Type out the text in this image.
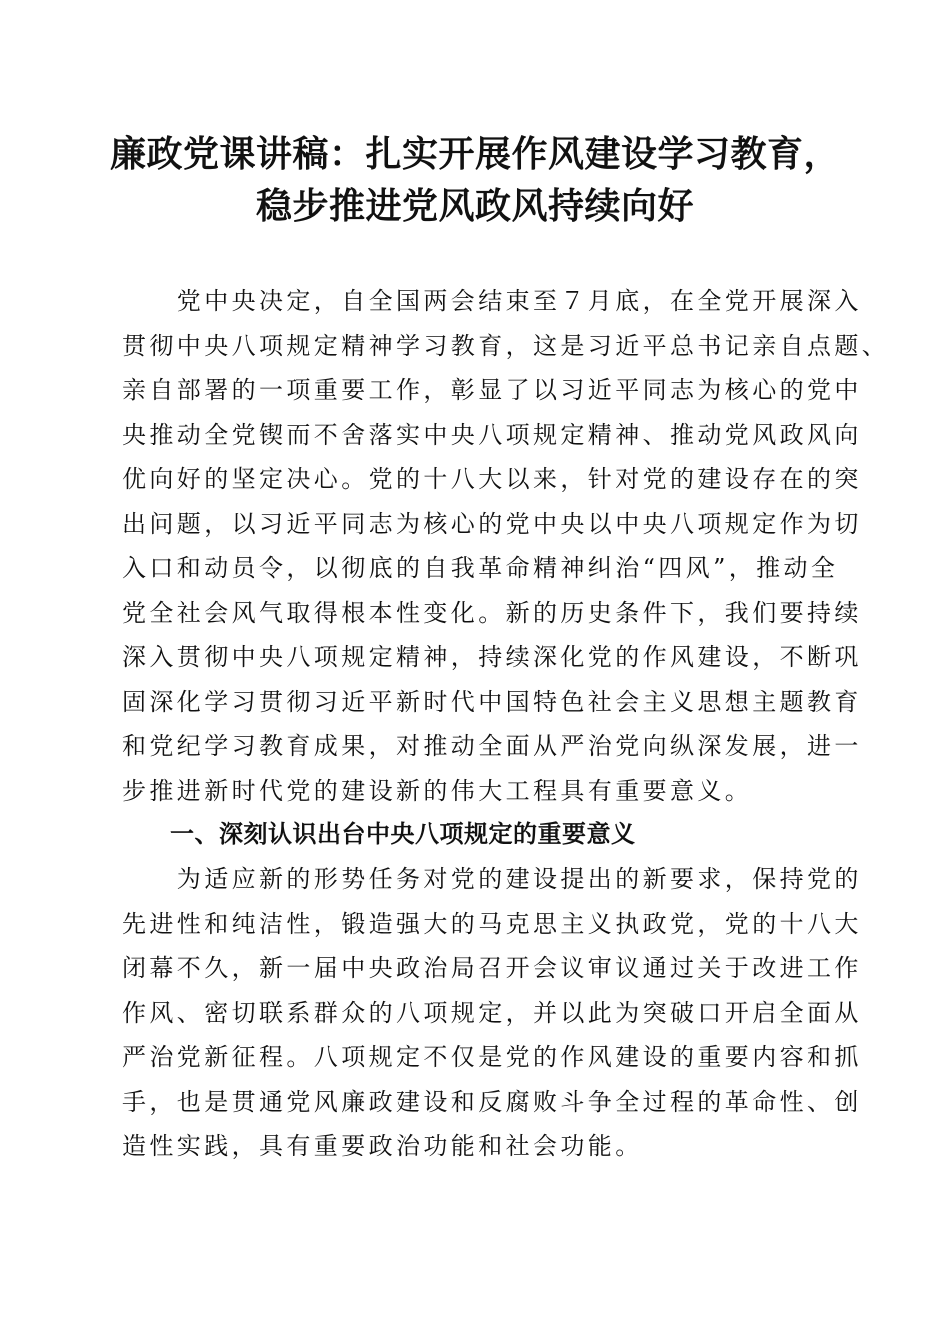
廉政党课讲稿：扎实开展作风建设学习教育，
稳步推进党风政风持续向好
　　党中央决定，自全国两会结束至７月底，在全党开展深入
贯彻中央八项规定精神学习教育，这是习近平总书记亲自点题、
亲自部署的一项重要工作，彰显了以习近平同志为核心的党中
央推动全党锲而不舍落实中央八项规定精神、推动党风政风向
优向好的坚定决心。党的十八大以来，针对党的建设存在的突
出问题，以习近平同志为核心的党中央以中央八项规定作为切
入口和动员令，以彻底的自我革命精神纠治“四风”，推动全
党全社会风气取得根本性变化。新的历史条件下，我们要持续
深入贯彻中央八项规定精神，持续深化党的作风建设，不断巩
固深化学习贯彻习近平新时代中国特色社会主义思想主题教育
和党纪学习教育成果，对推动全面从严治党向纵深发展，进一
步推进新时代党的建设新的伟大工程具有重要意义。
一、深刻认识出台中央八项规定的重要意义
　　为适应新的形势任务对党的建设提出的新要求，保持党的
先进性和纯洁性，锻造强大的马克思主义执政党，党的十八大
闭幕不久，新一届中央政治局召开会议审议通过关于改进工作
作风、密切联系群众的八项规定，并以此为突破口开启全面从
严治党新征程。八项规定不仅是党的作风建设的重要内容和抓
手，也是贯通党风廉政建设和反腐败斗争全过程的革命性、创
造性实践，具有重要政治功能和社会功能。
